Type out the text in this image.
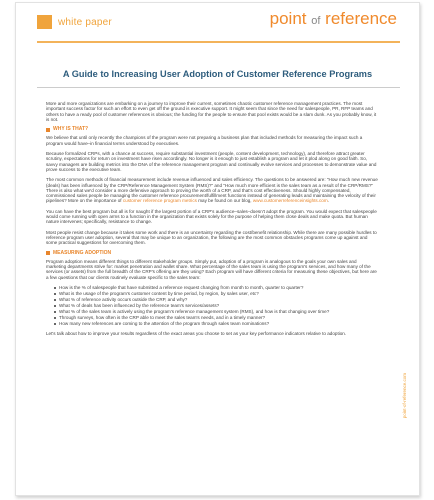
white paper	point of reference
A Guide to Increasing User Adoption of Customer Reference Programs

More and more organizations are embarking on a journey to improve their current, sometimes chaotic customer reference management practices. The most important success factor for such an effort to even get off the ground is executive support. It might seem that since the need for salespeople, PR, RFP teams and others to have a ready pool of customer references is obvious; the funding for the people to ensure that pool exists would be a slam dunk. As you probably know, it is not.

WHY IS THAT?

We believe that until only recently the champions of the program were not preparing a business plan that included methods for measuring the impact such a program would have–in financial terms understood by executives.

Because formalized CRPs, with a chance at success, require substantial investment (people, content development, technology), and therefore attract greater scrutiny, expectations for return on investment have risen accordingly. No longer is it enough to just establish a program and let it plod along on good faith. So, savvy managers are building metrics into the DNA of the reference management program and continually evolve services and processes to demonstrate value and prove success to the executive team.

The most common methods of financial measurement include revenue influenced and sales efficiency. The questions to be answered are: "How much new revenue (deals) has been influenced by the CRP/Reference Management System (RMS)?" and "How much more efficient is the sales team as a result of the CRP/RMS?" There is also what we'd consider a more defensive approach to proving the worth of a CRP, and that's cost effectiveness. Should highly compensated, commissioned sales people be managing the customer reference procurement/fulfillment functions instead of generating leads and maintaining the velocity of their pipelines? More on the importance of customer reference program metrics may be found on our blog, www.customerreferenceinsights.com.

You can have the best program but all is for naught if the largest portion of a CRP's audience–sales–doesn't adopt the program. You would expect that salespeople would come running with open arms to a function in the organization that exists solely for the purpose of helping them close deals and make quota. But human nature intervenes; specifically, resistance to change.

Most people resist change because it takes some work and there is an uncertainty regarding the cost/benefit relationship. While there are many possible hurdles to reference program user adoption, several that may be unique to an organization, the following are the most common obstacles programs come up against and some practical suggestions for overcoming them.

MEASURING ADOPTION

Program adoption means different things to different stakeholder groups. Simply put, adoption of a program is analogous to the goals your own sales and marketing departments strive for: market penetration and wallet share. What percentage of the sales team is using the program's services, and how many of the services (or assets) from the full breadth of the CRP's offering are they using? Each program will have different criteria for measuring these objectives, but here are a few questions that our clients routinely evaluate specific to the sales team:

How is the % of salespeople that have submitted a reference request changing from month to month, quarter to quarter?
What is the usage of the program's customer content by time period, by region, by sales user, etc?
What % of reference activity occurs outside the CRP, and why?
What % of deals has been influenced by the reference team's services/assets?
What % of the sales team is actively using the program's reference management system (RMS), and how is that changing over time?
Through surveys, how often is the CRP able to meet the sales team's needs, and in a timely manner?
How many new references are coming to the attention of the program through sales team nominations?

Let's talk about how to improve your results regardless of the exact areas you choose to set as your key performance indicators relative to adoption.

point-of-reference.com
